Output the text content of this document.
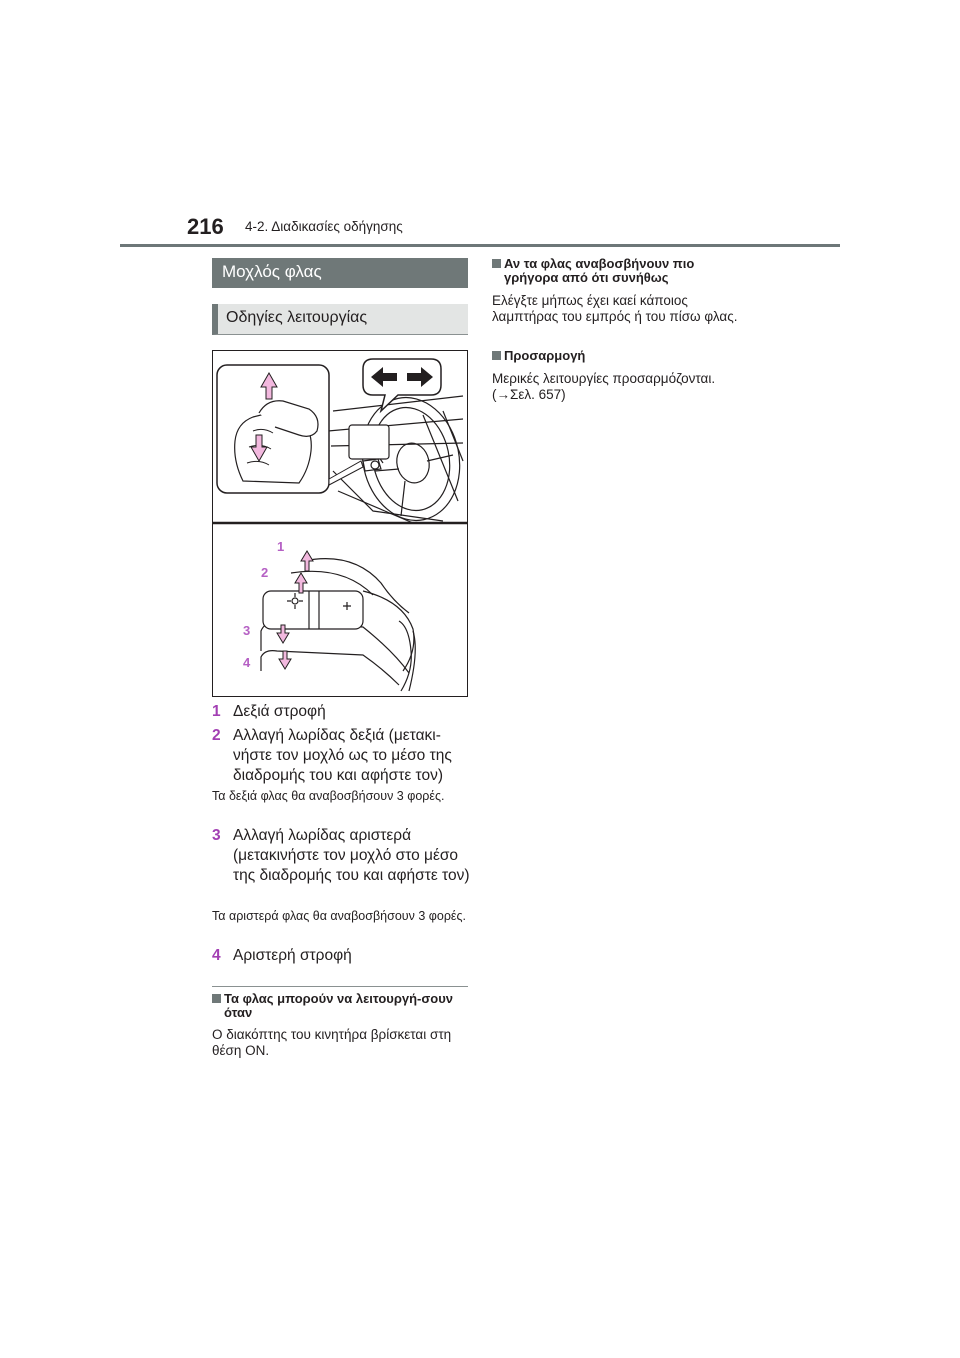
216 4-2. Διαδικασίες οδήγησης
Μοχλός φλας
Οδηγίες λειτουργίας
1
2
3
4
1 Δεξιά στροφή
2 Αλλαγή λωρίδας δεξιά (μετακι-νήστε τον μοχλό ως το μέσο της διαδρομής του και αφήστε τον)
Τα δεξιά φλας θα αναβοσβήσουν 3 φορές.
3 Αλλαγή λωρίδας αριστερά (μετακινήστε τον μοχλό στο μέσο της διαδρομής του και αφήστε τον)
Τα αριστερά φλας θα αναβοσβήσουν 3 φορές.
4 Αριστερή στροφή
Τα φλας μπορούν να λειτουργή-σουν όταν
Ο διακόπτης του κινητήρα βρίσκεται στη θέση ΟΝ.
Αν τα φλας αναβοσβήνουν πιο γρήγορα από ότι συνήθως
Ελέγξτε μήπως έχει καεί κάποιος λαμπτήρας του εμπρός ή του πίσω φλας.
Προσαρμογή
Μερικές λειτουργίες προσαρμόζονται. (→Σελ. 657)
